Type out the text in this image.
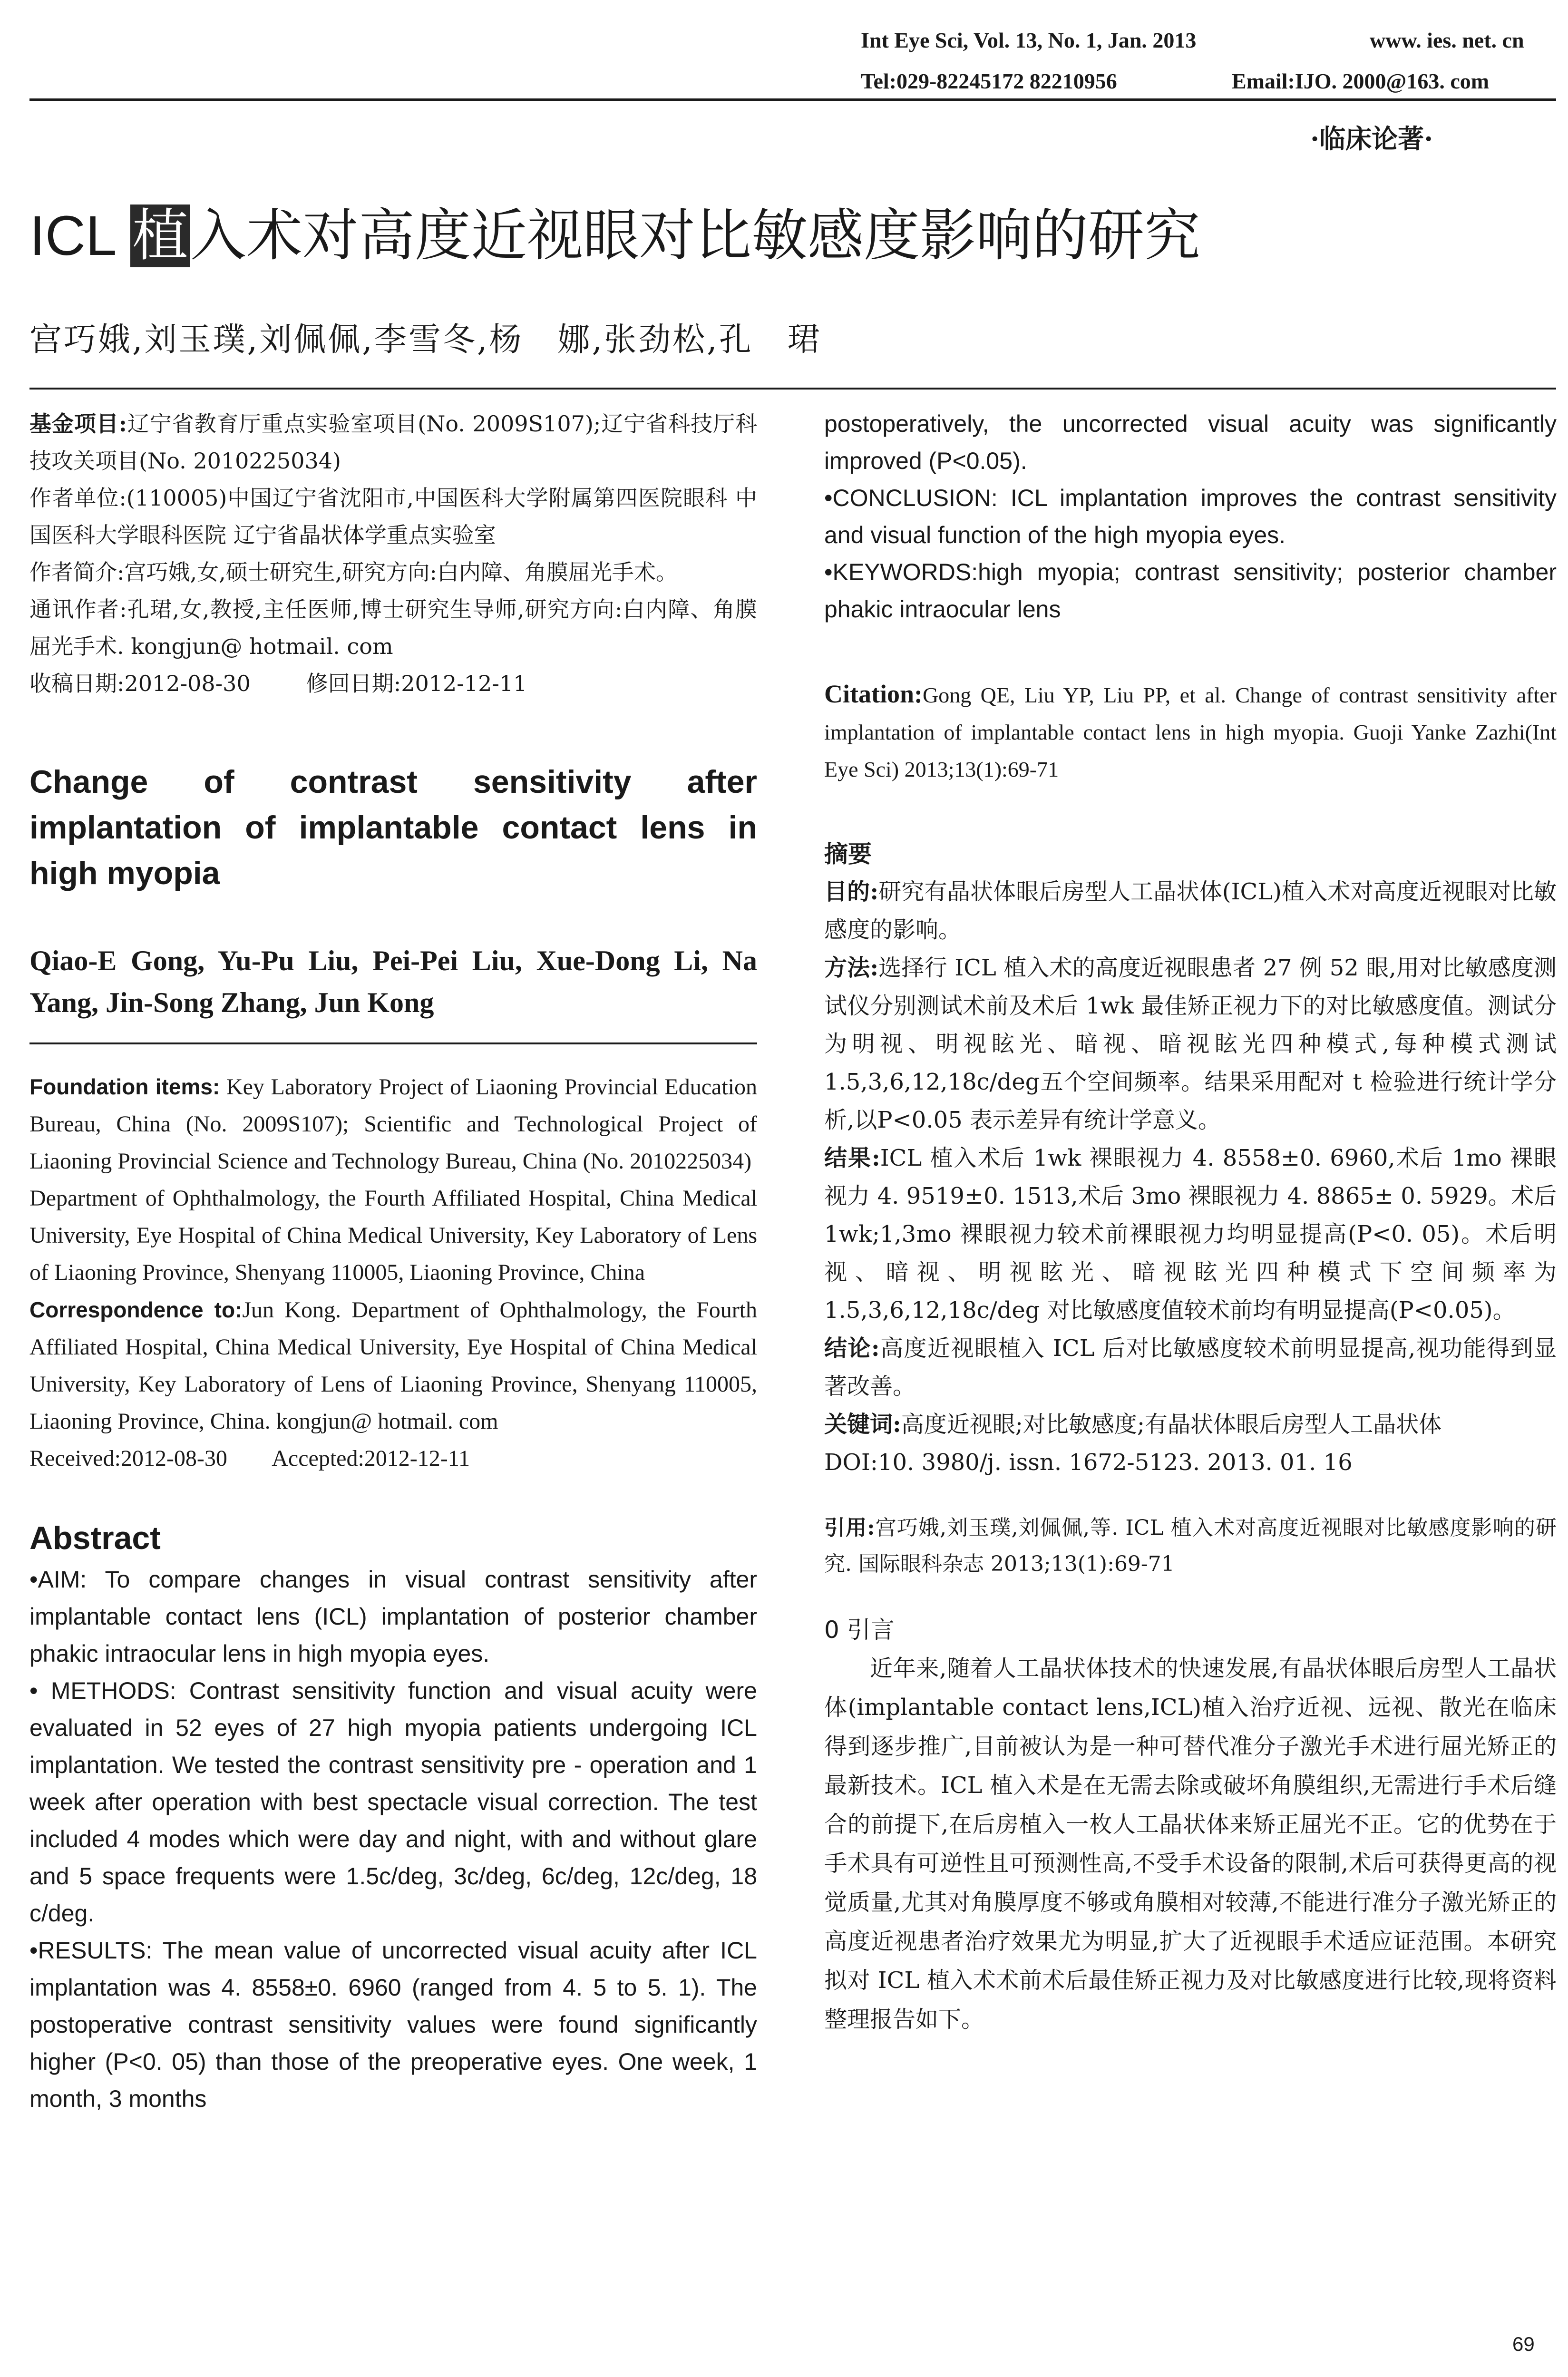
Int Eye Sci, Vol. 13, No. 1, Jan. 2013	www. ies. net. cn
Tel:029-82245172 82210956	Email:IJO. 2000@163. com
·临床论著·
ICL 植入术对高度近视眼对比敏感度影响的研究
宫巧娥,刘玉璞,刘佩佩,李雪冬,杨　娜,张劲松,孔　珺

基金项目:辽宁省教育厅重点实验室项目(No. 2009S107);辽宁省科技厅科技攻关项目(No. 2010225034)

作者单位:(110005)中国辽宁省沈阳市,中国医科大学附属第四医院眼科 中国医科大学眼科医院 辽宁省晶状体学重点实验室

作者简介:宫巧娥,女,硕士研究生,研究方向:白内障、角膜屈光手术。

通讯作者:孔珺,女,教授,主任医师,博士研究生导师,研究方向:白内障、角膜屈光手术. kongjun@ hotmail. com

收稿日期:2012-08-30	修回日期:2012-12-11

Change of contrast sensitivity after implantation of implantable contact lens in high myopia
Qiao-E Gong, Yu-Pu Liu, Pei-Pei Liu, Xue-Dong Li, Na Yang, Jin-Song Zhang, Jun Kong

Foundation items: Key Laboratory Project of Liaoning Provincial Education Bureau, China (No. 2009S107); Scientific and Technological Project of Liaoning Provincial Science and Technology Bureau, China (No. 2010225034)

Department of Ophthalmology, the Fourth Affiliated Hospital, China Medical University, Eye Hospital of China Medical University, Key Laboratory of Lens of Liaoning Province, Shenyang 110005, Liaoning Province, China

Correspondence to:Jun Kong. Department of Ophthalmology, the Fourth Affiliated Hospital, China Medical University, Eye Hospital of China Medical University, Key Laboratory of Lens of Liaoning Province, Shenyang 110005, Liaoning Province, China. kongjun@ hotmail. com

Received:2012-08-30 Accepted:2012-12-11

Abstract

•AIM: To compare changes in visual contrast sensitivity after implantable contact lens (ICL) implantation of posterior chamber phakic intraocular lens in high myopia eyes.

• METHODS: Contrast sensitivity function and visual acuity were evaluated in 52 eyes of 27 high myopia patients undergoing ICL implantation. We tested the contrast sensitivity pre - operation and 1 week after operation with best spectacle visual correction. The test included 4 modes which were day and night, with and without glare and 5 space frequents were 1.5c/deg, 3c/deg, 6c/deg, 12c/deg, 18 c/deg.

•RESULTS: The mean value of uncorrected visual acuity after ICL implantation was 4. 8558±0. 6960 (ranged from 4. 5 to 5. 1). The postoperative contrast sensitivity values were found significantly higher (P<0. 05) than those of the preoperative eyes. One week, 1 month, 3 months

postoperatively, the uncorrected visual acuity was significantly improved (P<0.05).

•CONCLUSION: ICL implantation improves the contrast sensitivity and visual function of the high myopia eyes.

•KEYWORDS:high myopia; contrast sensitivity; posterior chamber phakic intraocular lens

Citation:Gong QE, Liu YP, Liu PP, et al. Change of contrast sensitivity after implantation of implantable contact lens in high myopia. Guoji Yanke Zazhi(Int Eye Sci) 2013;13(1):69-71
摘要

目的:研究有晶状体眼后房型人工晶状体(ICL)植入术对高度近视眼对比敏感度的影响。

方法:选择行 ICL 植入术的高度近视眼患者 27 例 52 眼,用对比敏感度测试仪分别测试术前及术后 1wk 最佳矫正视力下的对比敏感度值。测试分为明视、明视眩光、暗视、暗视眩光四种模式,每种模式测试 1.5,3,6,12,18c/deg五个空间频率。结果采用配对 t 检验进行统计学分析,以P<0.05 表示差异有统计学意义。

结果:ICL 植入术后 1wk 裸眼视力 4. 8558±0. 6960,术后 1mo 裸眼视力 4. 9519±0. 1513,术后 3mo 裸眼视力 4. 8865± 0. 5929。术后 1wk;1,3mo 裸眼视力较术前裸眼视力均明显提高(P<0. 05)。术后明视、暗视、明视眩光、暗视眩光四种模式下空间频率为 1.5,3,6,12,18c/deg 对比敏感度值较术前均有明显提高(P<0.05)。

结论:高度近视眼植入 ICL 后对比敏感度较术前明显提高,视功能得到显著改善。

关键词:高度近视眼;对比敏感度;有晶状体眼后房型人工晶状体

DOI:10. 3980/j. issn. 1672-5123. 2013. 01. 16

引用:宫巧娥,刘玉璞,刘佩佩,等. ICL 植入术对高度近视眼对比敏感度影响的研究. 国际眼科杂志 2013;13(1):69-71
0 引言
近年来,随着人工晶状体技术的快速发展,有晶状体眼后房型人工晶状体(implantable contact lens,ICL)植入治疗近视、远视、散光在临床得到逐步推广,目前被认为是一种可替代准分子激光手术进行屈光矫正的最新技术。ICL 植入术是在无需去除或破坏角膜组织,无需进行手术后缝合的前提下,在后房植入一枚人工晶状体来矫正屈光不正。它的优势在于手术具有可逆性且可预测性高,不受手术设备的限制,术后可获得更高的视觉质量,尤其对角膜厚度不够或角膜相对较薄,不能进行准分子激光矫正的高度近视患者治疗效果尤为明显,扩大了近视眼手术适应证范围。本研究拟对 ICL 植入术术前术后最佳矫正视力及对比敏感度进行比较,现将资料整理报告如下。
69
